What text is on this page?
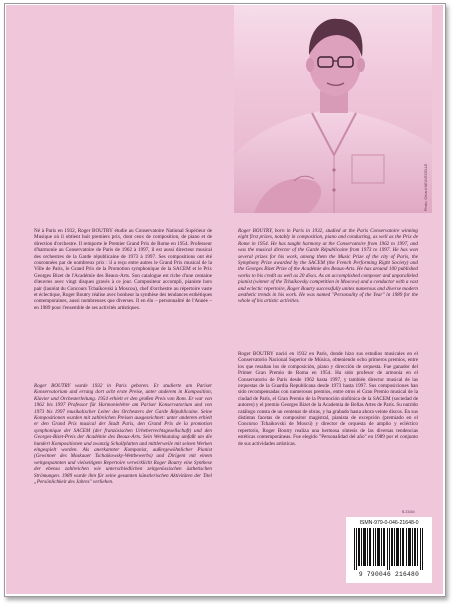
Photo: Gérard NEUVECELLE

Né à Paris en 1932, Roger BOUTRY étudie au Conservatoire National Supérieur de Musique où il obtient huit premiers prix, dont ceux de composition, de piano et de direction d'orchestre. Il remporte le Premier Grand Prix de Rome en 1954. Professeur d'harmonie au Conservatoire de Paris de 1962 à 1997, il est aussi directeur musical des orchestres de la Garde républicaine de 1973 à 1997. Ses compositions ont été couronnées par de nombreux prix : il a reçu entre autres le Grand Prix musical de la Ville de Paris, le Grand Prix de la Promotion symphonique de la SACEM et le Prix Georges Bizet de l'Académie des Beaux-Arts. Son catalogue est riche d'une centaine d'œuvres avec vingt disques gravés à ce jour. Compositeur accompli, pianiste hors pair (lauréat du Concours Tchaïkovski à Moscou), chef d'orchestre au répertoire vaste et éclectique, Roger Boutry réalise avec bonheur la synthèse des tendances esthétiques contemporaines, aussi nombreuses que diverses. Il en élu – personnalité de l'Année – en 1989 pour l'ensemble de ses activités artistiques.

Roger BOUTRY, born in Paris in 1932, studied at the Paris Conservatoire winning eight first prizes, notably in composition, piano and conducting, as well as the Prix de Rome in 1954. He has taught harmony at the Conservatoire from 1962 to 1997, and was the musical director of the Garde Républicaine from 1973 to 1997. He has won several prizes for his work, among them the Music Prize of the city of Paris, the Symphony Prize awarded by the SACEM (the French Performing Right Society) and the Georges Bizet Prize of the Académie des Beaux-Arts. He has around 100 published works to his credit as well as 20 discs. As an accomplished composer and unparalleled pianist (winner of the Tchaikovsky competition in Moscow) and a conductor with a vast and eclectic repertoire, Roger Boutry successfully unites numerous and diverse modern aesthetic trends in his work. He was named "Personality of the Year" in 1989 for the whole of his artistic activities.

Roger BOUTRY wurde 1932 in Paris geboren. Er studierte am Pariser Konservatorium und errang dort acht erste Preise, unter anderem in Komposition, Klavier und Orchesterleitung. 1954 erhielt er den großen Preis von Rom. Er war von 1962 bis 1997 Professor für Harmonielehre am Pariser Konservatorium und von 1973 bis 1997 musikalischer Leiter des Orchesters der Garde Républicaine. Seine Kompositionen wurden mit zahlreichen Preisen ausgezeichnet: unter anderem erhielt er den Grand Prix musical der Stadt Paris, den Grand Prix de la promotion symphonique der SACEM (der französischen Urheberrechtsgesellschaft) und den Georges-Bizet-Preis der Académie des Beaux-Arts. Sein Werkkatalog umfaßt um die hundert Kompositionen und zwanzig Schallplatten und mittlerweile mit seinen Werken eingespielt worden. Als anerkannter Komponist, außergewöhnlicher Pianist (Gewinner des Moskauer Tschaikowsky-Wettbewerbs) und Dirigent mit einem weitgespannten und vielseitigem Repertoire verwirklicht Roger Boutry eine Synthese der ebenso zahlreichen wie unterschiedlichen zeitgenössischen ästhetischen Strömungen. 1989 wurde ihm für seine gesamten künstlerischen Aktivitäten der Titel „Persönlichkeit des Jahres" verliehen.

Roger BOUTRY nació en 1932 en París, donde hizo sus estudios musicales en el Conservatorio Nacional Superior de Música, obteniendo ocho primeros premios, entre los que resaltan los de composición, piano y dirección de orquesta. Fue ganador del Primer Gran Premio de Roma en 1954. Ha sido profesor de armonía en el Conservatorio de París desde 1962 hasta 1997, y también director musical de las orquestas de la Guardia Republicana desde 1973 hasta 1997. Sus composiciones han sido recompensadas con numerosos premios, entre otros el Gran Premio musical de la ciudad de París, el Gran Premio de la Promoción sinfónica de la SACEM (sociedad de autores) y el premio Georges Bizet de la Academia de Bellas Artes de París. Su nutrido catálogo consta de un centenar de obras, y ha grabado hasta ahora veinte discos. En sus distintas facetas de compositor magistral, pianista de excepción (premiado en el Concurso Tchaikovski de Moscú) y director de orquesta de amplio y ecléctico repertorio, Roger Boutry realiza una hermosa síntesis de las diversas tendencias estéticas contemporáneas. Fue elegido "Personalidad del año" en 1989 por el conjunto de sus actividades artísticas.

B.23404
ISMN-979-0-046-21648-0
9 790046 216480
